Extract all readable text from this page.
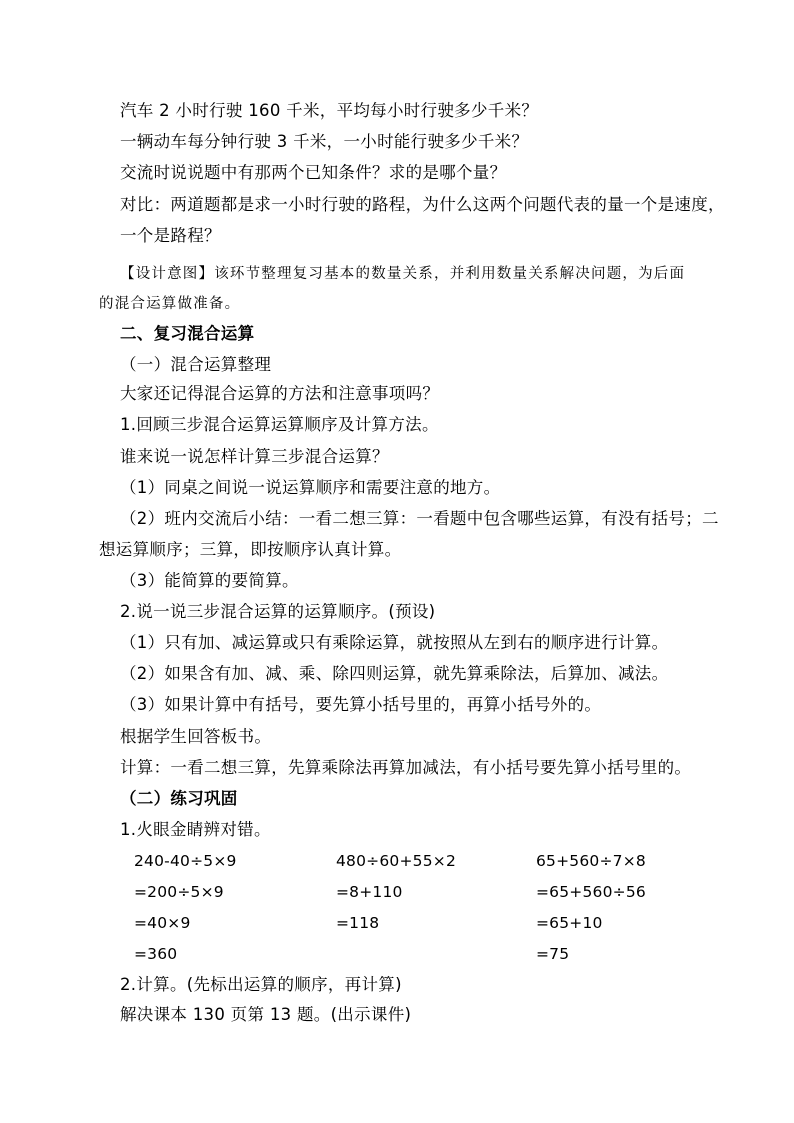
汽车 2 小时行驶 160 千米，平均每小时行驶多少千米？
一辆动车每分钟行驶 3 千米，一小时能行驶多少千米？
交流时说说题中有那两个已知条件？求的是哪个量？
对比：两道题都是求一小时行驶的路程，为什么这两个问题代表的量一个是速度，
一个是路程？
【设计意图】该环节整理复习基本的数量关系，并利用数量关系解决问题，为后面
的混合运算做准备。
二、复习混合运算
（一）混合运算整理
大家还记得混合运算的方法和注意事项吗？
1.回顾三步混合运算运算顺序及计算方法。
谁来说一说怎样计算三步混合运算？
（1）同桌之间说一说运算顺序和需要注意的地方。
（2）班内交流后小结：一看二想三算：一看题中包含哪些运算，有没有括号；二
想运算顺序；三算，即按顺序认真计算。
（3）能简算的要简算。
2.说一说三步混合运算的运算顺序。(预设)
（1）只有加、减运算或只有乘除运算，就按照从左到右的顺序进行计算。
（2）如果含有加、减、乘、除四则运算，就先算乘除法，后算加、减法。
（3）如果计算中有括号，要先算小括号里的，再算小括号外的。
根据学生回答板书。
计算：一看二想三算，先算乘除法再算加减法，有小括号要先算小括号里的。
（二）练习巩固
1.火眼金睛辨对错。
240-40÷5×9
=200÷5×9
=40×9
=360
480÷60+55×2
=8+110
=118
65+560÷7×8
=65+560÷56
=65+10
=75
2.计算。(先标出运算的顺序，再计算)
解决课本 130 页第 13 题。(出示课件)
